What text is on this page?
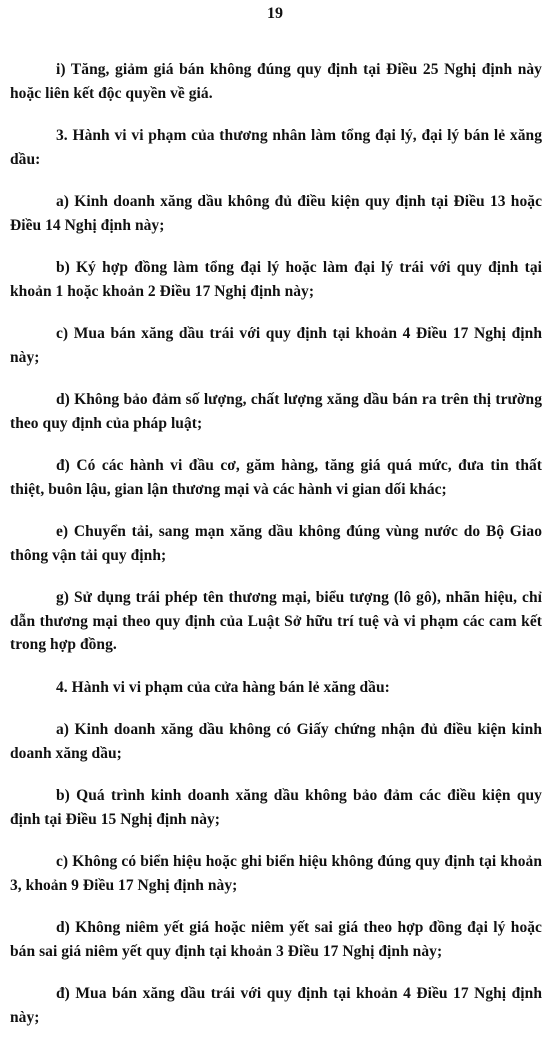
19

i) Tăng, giảm giá bán không đúng quy định tại Điều 25 Nghị định này hoặc liên kết độc quyền về giá.

3. Hành vi vi phạm của thương nhân làm tổng đại lý, đại lý bán lẻ xăng dầu:

a) Kinh doanh xăng dầu không đủ điều kiện quy định tại Điều 13 hoặc Điều 14 Nghị định này;

b) Ký hợp đồng làm tổng đại lý hoặc làm đại lý trái với quy định tại khoản 1 hoặc khoản 2 Điều 17 Nghị định này;

c) Mua bán xăng dầu trái với quy định tại khoản 4 Điều 17 Nghị định này;

d) Không bảo đảm số lượng, chất lượng xăng dầu bán ra trên thị trường theo quy định của pháp luật;

đ) Có các hành vi đầu cơ, găm hàng, tăng giá quá mức, đưa tin thất thiệt, buôn lậu, gian lận thương mại và các hành vi gian dối khác;

e) Chuyển tải, sang mạn xăng dầu không đúng vùng nước do Bộ Giao thông vận tải quy định;

g) Sử dụng trái phép tên thương mại, biểu tượng (lô gô), nhãn hiệu, chỉ dẫn thương mại theo quy định của Luật Sở hữu trí tuệ và vi phạm các cam kết trong hợp đồng.

4. Hành vi vi phạm của cửa hàng bán lẻ xăng dầu:

a) Kinh doanh xăng dầu không có Giấy chứng nhận đủ điều kiện kinh doanh xăng dầu;

b) Quá trình kinh doanh xăng dầu không bảo đảm các điều kiện quy định tại Điều 15 Nghị định này;

c) Không có biển hiệu hoặc ghi biển hiệu không đúng quy định tại khoản 3, khoản 9 Điều 17 Nghị định này;

d) Không niêm yết giá hoặc niêm yết sai giá theo hợp đồng đại lý hoặc bán sai giá niêm yết quy định tại khoản 3 Điều 17 Nghị định này;

đ) Mua bán xăng dầu trái với quy định tại khoản 4 Điều 17 Nghị định này;
